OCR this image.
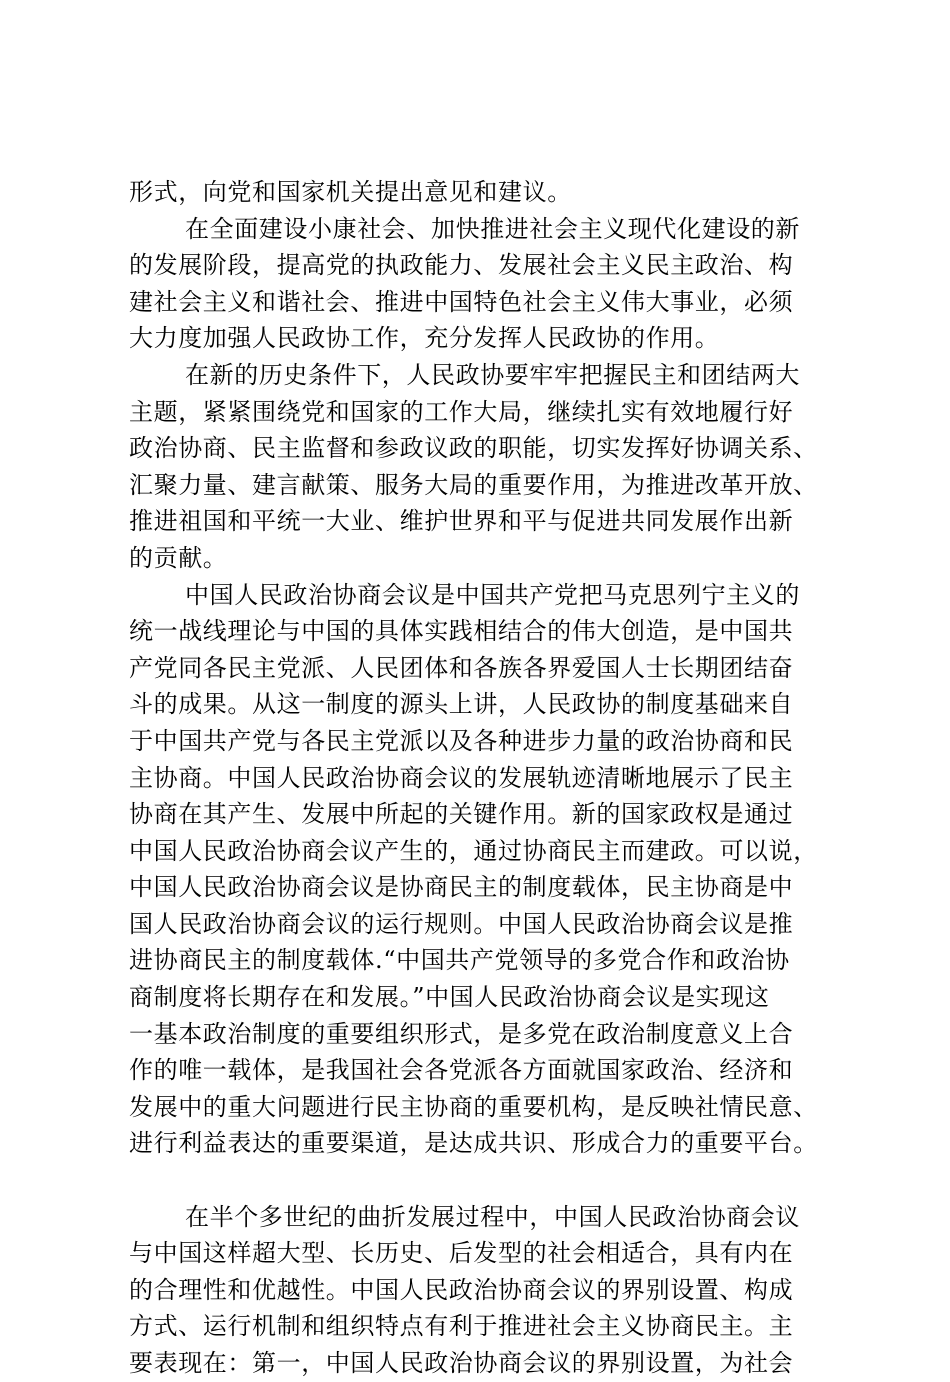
形式，向党和国家机关提出意见和建议。
在全面建设小康社会、加快推进社会主义现代化建设的新
的发展阶段，提高党的执政能力、发展社会主义民主政治、构
建社会主义和谐社会、推进中国特色社会主义伟大事业，必须
大力度加强人民政协工作，充分发挥人民政协的作用。
在新的历史条件下，人民政协要牢牢把握民主和团结两大
主题，紧紧围绕党和国家的工作大局，继续扎实有效地履行好
政治协商、民主监督和参政议政的职能，切实发挥好协调关系、
汇聚力量、建言献策、服务大局的重要作用，为推进改革开放、
推进祖国和平统一大业、维护世界和平与促进共同发展作出新
的贡献。
中国人民政治协商会议是中国共产党把马克思列宁主义的
统一战线理论与中国的具体实践相结合的伟大创造，是中国共
产党同各民主党派、人民团体和各族各界爱国人士长期团结奋
斗的成果。从这一制度的源头上讲，人民政协的制度基础来自
于中国共产党与各民主党派以及各种进步力量的政治协商和民
主协商。中国人民政治协商会议的发展轨迹清晰地展示了民主
协商在其产生、发展中所起的关键作用。新的国家政权是通过
中国人民政治协商会议产生的，通过协商民主而建政。可以说，
中国人民政治协商会议是协商民主的制度载体，民主协商是中
国人民政治协商会议的运行规则。中国人民政治协商会议是推
进协商民主的制度载体.“中国共产党领导的多党合作和政治协
商制度将长期存在和发展。”中国人民政治协商会议是实现这
一基本政治制度的重要组织形式，是多党在政治制度意义上合
作的唯一载体，是我国社会各党派各方面就国家政治、经济和
发展中的重大问题进行民主协商的重要机构，是反映社情民意、
进行利益表达的重要渠道，是达成共识、形成合力的重要平台。
在半个多世纪的曲折发展过程中，中国人民政治协商会议
与中国这样超大型、长历史、后发型的社会相适合，具有内在
的合理性和优越性。中国人民政治协商会议的界别设置、构成
方式、运行机制和组织特点有利于推进社会主义协商民主。主
要表现在：第一，中国人民政治协商会议的界别设置，为社会
